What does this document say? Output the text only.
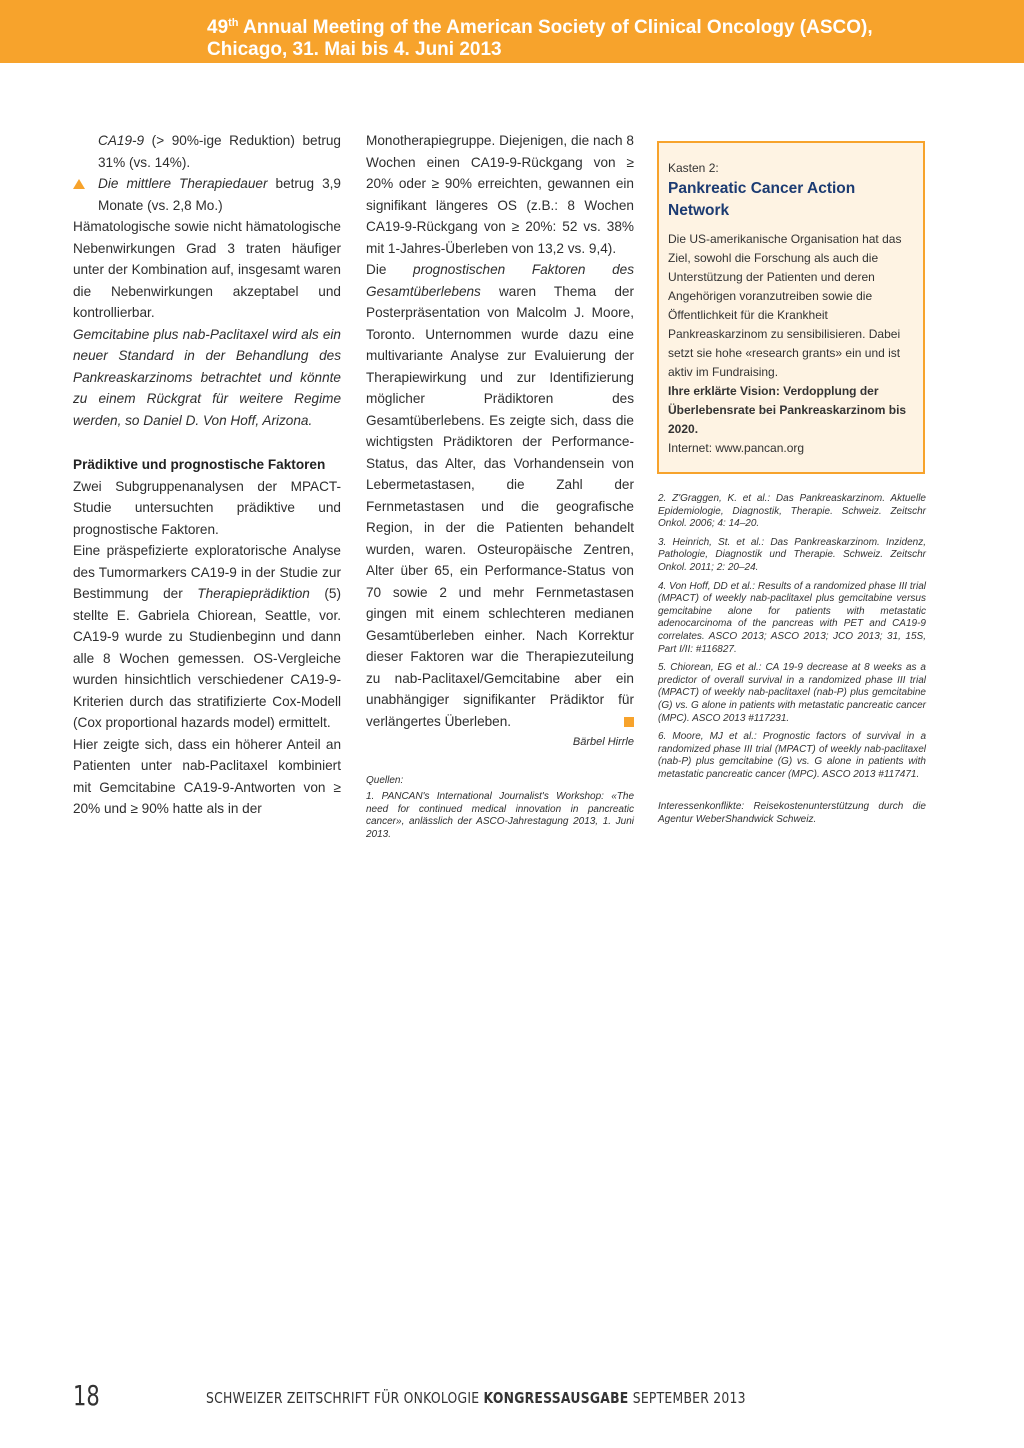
49th Annual Meeting of the American Society of Clinical Oncology (ASCO),
Chicago, 31. Mai bis 4. Juni 2013

CA19-9 (> 90%-ige Reduktion) betrug 31% (vs. 14%).

Die mittlere Therapiedauer betrug 3,9 Monate (vs. 2,8 Mo.)

Hämatologische sowie nicht hämatologische Nebenwirkungen Grad 3 traten häufiger unter der Kombination auf, insgesamt waren die Nebenwirkungen akzeptabel und kontrollierbar.

Gemcitabine plus nab-Paclitaxel wird als ein neuer Standard in der Behandlung des Pankreaskarzinoms betrachtet und könnte zu einem Rückgrat für weitere Regime werden, so Daniel D. Von Hoff, Arizona.

Prädiktive und prognostische Faktoren

Zwei Subgruppenanalysen der MPACT-Studie untersuchten prädiktive und prognostische Faktoren.

Eine präspefizierte exploratorische Analyse des Tumormarkers CA19-9 in der Studie zur Bestimmung der Therapieprädiktion (5) stellte E. Gabriela Chiorean, Seattle, vor. CA19-9 wurde zu Studienbeginn und dann alle 8 Wochen gemessen. OS-Vergleiche wurden hinsichtlich verschiedener CA19-9-Kriterien durch das stratifizierte Cox-Modell (Cox proportional hazards model) ermittelt.

Hier zeigte sich, dass ein höherer Anteil an Patienten unter nab-Paclitaxel kombiniert mit Gemcitabine CA19-9-Antworten von ≥ 20% und ≥ 90% hatte als in der

Monotherapiegruppe. Diejenigen, die nach 8 Wochen einen CA19-9-Rückgang von ≥ 20% oder ≥ 90% erreichten, gewannen ein signifikant längeres OS (z.B.: 8 Wochen CA19-9-Rückgang von ≥ 20%: 52 vs. 38% mit 1-Jahres-Überleben von 13,2 vs. 9,4).

Die prognostischen Faktoren des Gesamtüberlebens waren Thema der Posterpräsentation von Malcolm J. Moore, Toronto. Unternommen wurde dazu eine multivariante Analyse zur Evaluierung der Therapiewirkung und zur Identifizierung möglicher Prädiktoren des Gesamtüberlebens. Es zeigte sich, dass die wichtigsten Prädiktoren der Performance-Status, das Alter, das Vorhandensein von Lebermetastasen, die Zahl der Fernmetastasen und die geografische Region, in der die Patienten behandelt wurden, waren. Osteuropäische Zentren, Alter über 65, ein Performance-Status von 70 sowie 2 und mehr Fernmetastasen gingen mit einem schlechteren medianen Gesamtüberleben einher. Nach Korrektur dieser Faktoren war die Therapiezuteilung zu nab-Paclitaxel/Gemcitabine aber ein unabhängiger signifikanter Prädiktor für verlängertes Überleben.

Bärbel Hirrle

Quellen:

1. PANCAN's International Journalist's Workshop: «The need for continued medical innovation in pancreatic cancer», anlässlich der ASCO-Jahrestagung 2013, 1. Juni 2013.

Kasten 2:

Pankreatic Cancer Action Network

Die US-amerikanische Organisation hat das Ziel, sowohl die Forschung als auch die Unterstützung der Patienten und deren Angehörigen voranzutreiben sowie die Öffentlichkeit für die Krankheit Pankreaskarzinom zu sensibilisieren. Dabei setzt sie hohe «research grants» ein und ist aktiv im Fundraising.

Ihre erklärte Vision: Verdopplung der Überlebensrate bei Pankreaskarzinom bis 2020.

Internet: www.pancan.org

2. Z'Graggen, K. et al.: Das Pankreaskarzinom. Aktuelle Epidemiologie, Diagnostik, Therapie. Schweiz. Zeitschr Onkol. 2006; 4: 14–20.

3. Heinrich, St. et al.: Das Pankreaskarzinom. Inzidenz, Pathologie, Diagnostik und Therapie. Schweiz. Zeitschr Onkol. 2011; 2: 20–24.

4. Von Hoff, DD et al.: Results of a randomized phase III trial (MPACT) of weekly nab-paclitaxel plus gemcitabine versus gemcitabine alone for patients with metastatic adenocarcinoma of the pancreas with PET and CA19-9 correlates. ASCO 2013; ASCO 2013; JCO 2013; 31, 15S, Part I/II: #116827.

5. Chiorean, EG et al.: CA 19-9 decrease at 8 weeks as a predictor of overall survival in a randomized phase III trial (MPACT) of weekly nab-paclitaxel (nab-P) plus gemcitabine (G) vs. G alone in patients with metastatic pancreatic cancer (MPC). ASCO 2013 #117231.

6. Moore, MJ et al.: Prognostic factors of survival in a randomized phase III trial (MPACT) of weekly nab-paclitaxel (nab-P) plus gemcitabine (G) vs. G alone in patients with metastatic pancreatic cancer (MPC). ASCO 2013 #117471.

Interessenkonflikte: Reisekostenunterstützung durch die Agentur WeberShandwick Schweiz.

18	SCHWEIZER ZEITSCHRIFT FÜR ONKOLOGIE KONGRESSAUSGABE SEPTEMBER 2013
